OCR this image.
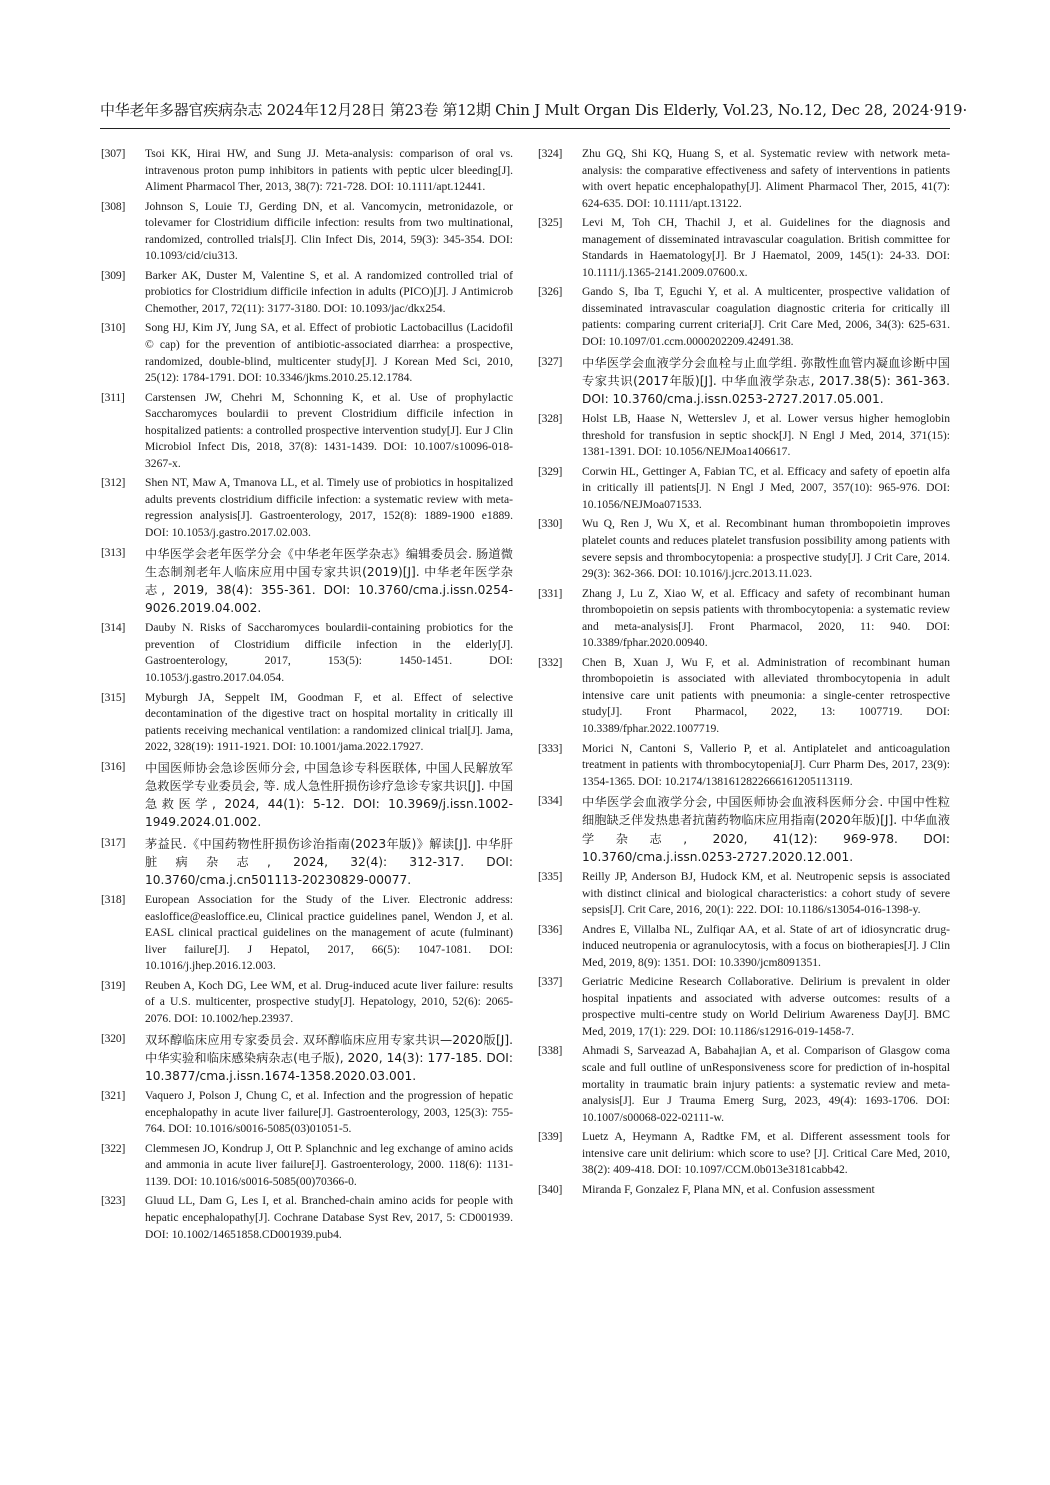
中华老年多器官疾病杂志 2024年12月28日 第23卷 第12期 Chin J Mult Organ Dis Elderly, Vol.23, No.12, Dec 28, 2024 ·919·
[307]	Tsoi KK, Hirai HW, and Sung JJ. Meta-analysis: comparison of oral vs. intravenous proton pump inhibitors in patients with peptic ulcer bleeding[J]. Aliment Pharmacol Ther, 2013, 38(7): 721-728. DOI: 10.1111/apt.12441.
[308]	Johnson S, Louie TJ, Gerding DN, et al. Vancomycin, metronidazole, or tolevamer for Clostridium difficile infection: results from two multinational, randomized, controlled trials[J]. Clin Infect Dis, 2014, 59(3): 345-354. DOI: 10.1093/cid/ciu313.
[309]	Barker AK, Duster M, Valentine S, et al. A randomized controlled trial of probiotics for Clostridium difficile infection in adults (PICO)[J]. J Antimicrob Chemother, 2017, 72(11): 3177-3180. DOI: 10.1093/jac/dkx254.
[310]	Song HJ, Kim JY, Jung SA, et al. Effect of probiotic Lactobacillus (Lacidofil © cap) for the prevention of antibiotic-associated diarrhea: a prospective, randomized, double-blind, multicenter study[J]. J Korean Med Sci, 2010, 25(12): 1784-1791. DOI: 10.3346/jkms.2010.25.12.1784.
[311]	Carstensen JW, Chehri M, Schonning K, et al. Use of prophylactic Saccharomyces boulardii to prevent Clostridium difficile infection in hospitalized patients: a controlled prospective intervention study[J]. Eur J Clin Microbiol Infect Dis, 2018, 37(8): 1431-1439. DOI: 10.1007/s10096-018-3267-x.
[312]	Shen NT, Maw A, Tmanova LL, et al. Timely use of probiotics in hospitalized adults prevents clostridium difficile infection: a systematic review with meta-regression analysis[J]. Gastroenterology, 2017, 152(8): 1889-1900 e1889. DOI: 10.1053/j.gastro.2017.02.003.
[313]	中华医学会老年医学分会《中华老年医学杂志》编辑委员会. 肠道微生态制剂老年人临床应用中国专家共识(2019)[J]. 中华老年医学杂志, 2019, 38(4): 355-361. DOI: 10.3760/cma.j.issn.0254-9026.2019.04.002.
[314]	Dauby N. Risks of Saccharomyces boulardii-containing probiotics for the prevention of Clostridium difficile infection in the elderly[J]. Gastroenterology, 2017, 153(5): 1450-1451. DOI: 10.1053/j.gastro.2017.04.054.
[315]	Myburgh JA, Seppelt IM, Goodman F, et al. Effect of selective decontamination of the digestive tract on hospital mortality in critically ill patients receiving mechanical ventilation: a randomized clinical trial[J]. Jama, 2022, 328(19): 1911-1921. DOI: 10.1001/jama.2022.17927.
[316]	中国医师协会急诊医师分会, 中国急诊专科医联体, 中国人民解放军急救医学专业委员会, 等. 成人急性肝损伤诊疗急诊专家共识[J]. 中国急救医学, 2024, 44(1): 5-12. DOI: 10.3969/j.issn.1002-1949.2024.01.002.
[317]	茅益民.《中国药物性肝损伤诊治指南(2023年版)》解读[J]. 中华肝脏病杂志, 2024, 32(4): 312-317. DOI: 10.3760/cma.j.cn501113-20230829-00077.
[318]	European Association for the Study of the Liver. Electronic address: easloffice@easloffice.eu, Clinical practice guidelines panel, Wendon J, et al. EASL clinical practical guidelines on the management of acute (fulminant) liver failure[J]. J Hepatol, 2017, 66(5): 1047-1081. DOI: 10.1016/j.jhep.2016.12.003.
[319]	Reuben A, Koch DG, Lee WM, et al. Drug-induced acute liver failure: results of a U.S. multicenter, prospective study[J]. Hepatology, 2010, 52(6): 2065-2076. DOI: 10.1002/hep.23937.
[320]	双环醇临床应用专家委员会. 双环醇临床应用专家共识—2020版[J]. 中华实验和临床感染病杂志(电子版), 2020, 14(3): 177-185. DOI: 10.3877/cma.j.issn.1674-1358.2020.03.001.
[321]	Vaquero J, Polson J, Chung C, et al. Infection and the progression of hepatic encephalopathy in acute liver failure[J]. Gastroenterology, 2003, 125(3): 755-764. DOI: 10.1016/s0016-5085(03)01051-5.
[322]	Clemmesen JO, Kondrup J, Ott P. Splanchnic and leg exchange of amino acids and ammonia in acute liver failure[J]. Gastroenterology, 2000. 118(6): 1131-1139. DOI: 10.1016/s0016-5085(00)70366-0.
[323]	Gluud LL, Dam G, Les I, et al. Branched-chain amino acids for people with hepatic encephalopathy[J]. Cochrane Database Syst Rev, 2017, 5: CD001939. DOI: 10.1002/14651858.CD001939.pub4.
[324]	Zhu GQ, Shi KQ, Huang S, et al. Systematic review with network meta-analysis: the comparative effectiveness and safety of interventions in patients with overt hepatic encephalopathy[J]. Aliment Pharmacol Ther, 2015, 41(7): 624-635. DOI: 10.1111/apt.13122.
[325]	Levi M, Toh CH, Thachil J, et al. Guidelines for the diagnosis and management of disseminated intravascular coagulation. British committee for Standards in Haematology[J]. Br J Haematol, 2009, 145(1): 24-33. DOI: 10.1111/j.1365-2141.2009.07600.x.
[326]	Gando S, Iba T, Eguchi Y, et al. A multicenter, prospective validation of disseminated intravascular coagulation diagnostic criteria for critically ill patients: comparing current criteria[J]. Crit Care Med, 2006, 34(3): 625-631. DOI: 10.1097/01.ccm.0000202209.42491.38.
[327]	中华医学会血液学分会血栓与止血学组. 弥散性血管内凝血诊断中国专家共识(2017年版)[J]. 中华血液学杂志, 2017.38(5): 361-363. DOI: 10.3760/cma.j.issn.0253-2727.2017.05.001.
[328]	Holst LB, Haase N, Wetterslev J, et al. Lower versus higher hemoglobin threshold for transfusion in septic shock[J]. N Engl J Med, 2014, 371(15): 1381-1391. DOI: 10.1056/NEJMoa1406617.
[329]	Corwin HL, Gettinger A, Fabian TC, et al. Efficacy and safety of epoetin alfa in critically ill patients[J]. N Engl J Med, 2007, 357(10): 965-976. DOI: 10.1056/NEJMoa071533.
[330]	Wu Q, Ren J, Wu X, et al. Recombinant human thrombopoietin improves platelet counts and reduces platelet transfusion possibility among patients with severe sepsis and thrombocytopenia: a prospective study[J]. J Crit Care, 2014. 29(3): 362-366. DOI: 10.1016/j.jcrc.2013.11.023.
[331]	Zhang J, Lu Z, Xiao W, et al. Efficacy and safety of recombinant human thrombopoietin on sepsis patients with thrombocytopenia: a systematic review and meta-analysis[J]. Front Pharmacol, 2020, 11: 940. DOI: 10.3389/fphar.2020.00940.
[332]	Chen B, Xuan J, Wu F, et al. Administration of recombinant human thrombopoietin is associated with alleviated thrombocytopenia in adult intensive care unit patients with pneumonia: a single-center retrospective study[J]. Front Pharmacol, 2022, 13: 1007719. DOI: 10.3389/fphar.2022.1007719.
[333]	Morici N, Cantoni S, Vallerio P, et al. Antiplatelet and anticoagulation treatment in patients with thrombocytopenia[J]. Curr Pharm Des, 2017, 23(9): 1354-1365. DOI: 10.2174/1381612822666161205113119.
[334]	中华医学会血液学分会, 中国医师协会血液科医师分会. 中国中性粒细胞缺乏伴发热患者抗菌药物临床应用指南(2020年版)[J]. 中华血液学杂志, 2020, 41(12): 969-978. DOI: 10.3760/cma.j.issn.0253-2727.2020.12.001.
[335]	Reilly JP, Anderson BJ, Hudock KM, et al. Neutropenic sepsis is associated with distinct clinical and biological characteristics: a cohort study of severe sepsis[J]. Crit Care, 2016, 20(1): 222. DOI: 10.1186/s13054-016-1398-y.
[336]	Andres E, Villalba NL, Zulfiqar AA, et al. State of art of idiosyncratic drug-induced neutropenia or agranulocytosis, with a focus on biotherapies[J]. J Clin Med, 2019, 8(9): 1351. DOI: 10.3390/jcm8091351.
[337]	Geriatric Medicine Research Collaborative. Delirium is prevalent in older hospital inpatients and associated with adverse outcomes: results of a prospective multi-centre study on World Delirium Awareness Day[J]. BMC Med, 2019, 17(1): 229. DOI: 10.1186/s12916-019-1458-7.
[338]	Ahmadi S, Sarveazad A, Babahajian A, et al. Comparison of Glasgow coma scale and full outline of unResponsiveness score for prediction of in-hospital mortality in traumatic brain injury patients: a systematic review and meta-analysis[J]. Eur J Trauma Emerg Surg, 2023, 49(4): 1693-1706. DOI: 10.1007/s00068-022-02111-w.
[339]	Luetz A, Heymann A, Radtke FM, et al. Different assessment tools for intensive care unit delirium: which score to use? [J]. Critical Care Med, 2010, 38(2): 409-418. DOI: 10.1097/CCM.0b013e3181cabb42.
[340]	Miranda F, Gonzalez F, Plana MN, et al. Confusion assessment
